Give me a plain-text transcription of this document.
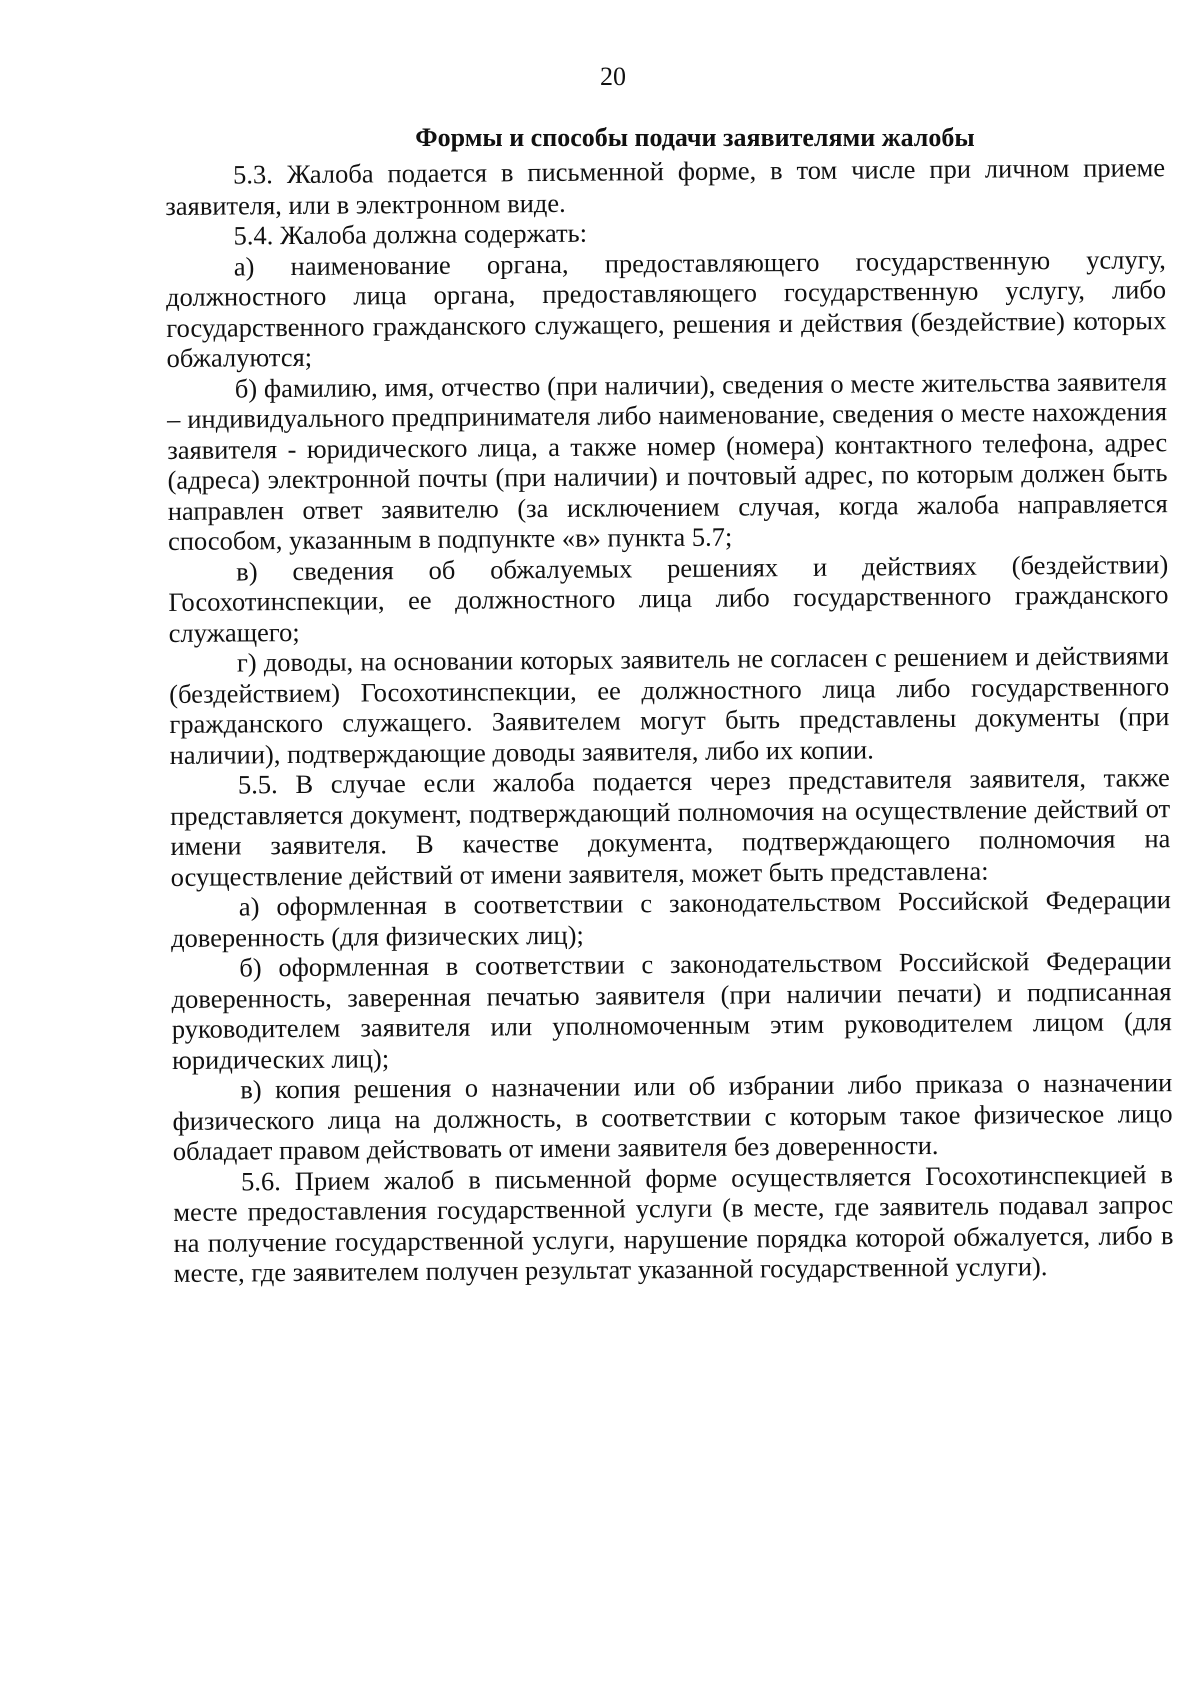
20
Формы и способы подачи заявителями жалобы

5.3. Жалоба подается в письменной форме, в том числе при личном приеме заявителя, или в электронном виде.

5.4. Жалоба должна содержать:

а) наименование органа, предоставляющего государственную услугу, должностного лица органа, предоставляющего государственную услугу, либо государственного гражданского служащего, решения и действия (бездействие) которых обжалуются;

б) фамилию, имя, отчество (при наличии), сведения о месте жительства заявителя – индивидуального предпринимателя либо наименование, сведения о месте нахождения заявителя - юридического лица, а также номер (номера) контактного телефона, адрес (адреса) электронной почты (при наличии) и почтовый адрес, по которым должен быть направлен ответ заявителю (за исключением случая, когда жалоба направляется способом, указанным в подпункте «в» пункта 5.7;

в) сведения об обжалуемых решениях и действиях (бездействии) Госохотинспекции, ее должностного лица либо государственного гражданского служащего;

г) доводы, на основании которых заявитель не согласен с решением и действиями (бездействием) Госохотинспекции, ее должностного лица либо государственного гражданского служащего. Заявителем могут быть представлены документы (при наличии), подтверждающие доводы заявителя, либо их копии.

5.5. В случае если жалоба подается через представителя заявителя, также представляется документ, подтверждающий полномочия на осуществление действий от имени заявителя. В качестве документа, подтверждающего полномочия на осуществление действий от имени заявителя, может быть представлена:

а) оформленная в соответствии с законодательством Российской Федерации доверенность (для физических лиц);

б) оформленная в соответствии с законодательством Российской Федерации доверенность, заверенная печатью заявителя (при наличии печати) и подписанная руководителем заявителя или уполномоченным этим руководителем лицом (для юридических лиц);

в) копия решения о назначении или об избрании либо приказа о назначении физического лица на должность, в соответствии с которым такое физическое лицо обладает правом действовать от имени заявителя без доверенности.

5.6. Прием жалоб в письменной форме осуществляется Госохотинспекцией в месте предоставления государственной услуги (в месте, где заявитель подавал запрос на получение государственной услуги, нарушение порядка которой обжалуется, либо в месте, где заявителем получен результат указанной государственной услуги).
